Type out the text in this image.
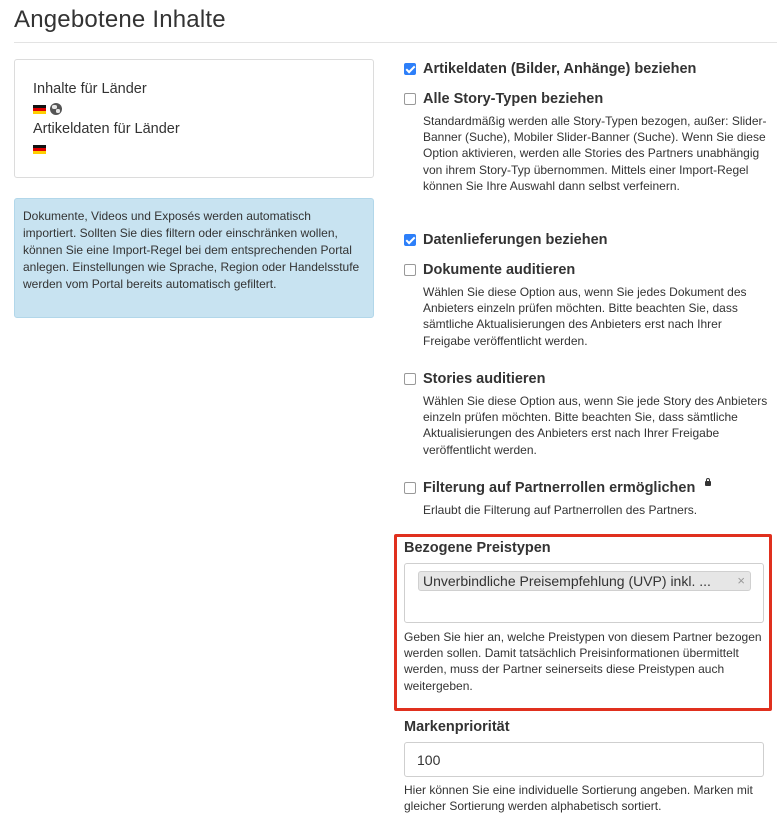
Angebotene Inhalte
Inhalte für Länder
Artikeldaten für Länder
Dokumente, Videos und Exposés werden automatisch importiert. Sollten Sie dies filtern oder einschränken wollen, können Sie eine Import-Regel bei dem entsprechenden Portal anlegen. Einstellungen wie Sprache, Region oder Handelsstufe werden vom Portal bereits automatisch gefiltert.
Artikeldaten (Bilder, Anhänge) beziehen
Alle Story-Typen beziehen
Standardmäßig werden alle Story-Typen bezogen, außer: Slider-Banner (Suche), Mobiler Slider-Banner (Suche). Wenn Sie diese Option aktivieren, werden alle Stories des Partners unabhängig von ihrem Story-Typ übernommen. Mittels einer Import-Regel können Sie Ihre Auswahl dann selbst verfeinern.
Datenlieferungen beziehen
Dokumente auditieren
Wählen Sie diese Option aus, wenn Sie jedes Dokument des Anbieters einzeln prüfen möchten. Bitte beachten Sie, dass sämtliche Aktualisierungen des Anbieters erst nach Ihrer Freigabe veröffentlicht werden.
Stories auditieren
Wählen Sie diese Option aus, wenn Sie jede Story des Anbieters einzeln prüfen möchten. Bitte beachten Sie, dass sämtliche Aktualisierungen des Anbieters erst nach Ihrer Freigabe veröffentlicht werden.
Filterung auf Partnerrollen ermöglichen
Erlaubt die Filterung auf Partnerrollen des Partners.
Bezogene Preistypen
Unverbindliche Preisempfehlung (UVP) inkl. ... ×
Geben Sie hier an, welche Preistypen von diesem Partner bezogen werden sollen. Damit tatsächlich Preisinformationen übermittelt werden, muss der Partner seinerseits diese Preistypen auch weitergeben.
Markenpriorität
100
Hier können Sie eine individuelle Sortierung angeben. Marken mit gleicher Sortierung werden alphabetisch sortiert.
